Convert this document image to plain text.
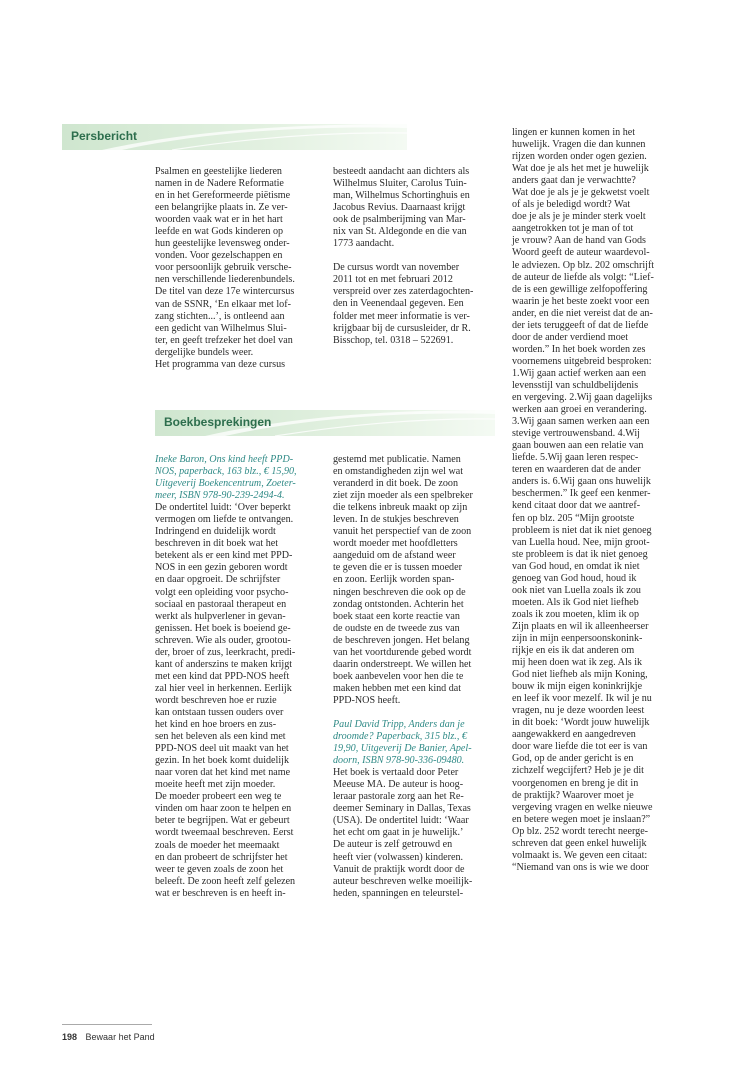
Persbericht
Psalmen en geestelijke liederen
namen in de Nadere Reformatie
en in het Gereformeerde piëtisme
een belangrijke plaats in. Ze ver-
woorden vaak wat er in het hart
leefde en wat Gods kinderen op
hun geestelijke levensweg onder-
vonden. Voor gezelschappen en
voor persoonlijk gebruik versche-
nen verschillende liederenbundels.
De titel van deze 17e wintercursus
van de SSNR, ‘En elkaar met lof-
zang stichten...’, is ontleend aan
een gedicht van Wilhelmus Slui-
ter, en geeft trefzeker het doel van
dergelijke bundels weer.
Het programma van deze cursus
besteedt aandacht aan dichters als
Wilhelmus Sluiter, Carolus Tuin-
man, Wilhelmus Schortinghuis en
Jacobus Revius. Daarnaast krijgt
ook de psalmberijming van Mar-
nix van St. Aldegonde en die van
1773 aandacht.
De cursus wordt van november
2011 tot en met februari 2012
verspreid over zes zaterdagochten-
den in Veenendaal gegeven. Een
folder met meer informatie is ver-
krijgbaar bij de cursusleider, dr R.
Bisschop, tel. 0318 – 522691.
Boekbesprekingen
Ineke Baron, Ons kind heeft PPD-
NOS, paperback, 163 blz., € 15,90,
Uitgeverij Boekencentrum, Zoeter-
meer, ISBN 978-90-239-2494-4.
De ondertitel luidt: ‘Over beperkt
vermogen om liefde te ontvangen.
Indringend en duidelijk wordt
beschreven in dit boek wat het
betekent als er een kind met PPD-
NOS in een gezin geboren wordt
en daar opgroeit. De schrijfster
volgt een opleiding voor psycho-
sociaal en pastoraal therapeut en
werkt als hulpverlener in gevan-
genissen. Het boek is boeiend ge-
schreven. Wie als ouder, grootou-
der, broer of zus, leerkracht, predi-
kant of anderszins te maken krijgt
met een kind dat PPD-NOS heeft
zal hier veel in herkennen. Eerlijk
wordt beschreven hoe er ruzie
kan ontstaan tussen ouders over
het kind en hoe broers en zus-
sen het beleven als een kind met
PPD-NOS deel uit maakt van het
gezin. In het boek komt duidelijk
naar voren dat het kind met name
moeite heeft met zijn moeder.
De moeder probeert een weg te
vinden om haar zoon te helpen en
beter te begrijpen. Wat er gebeurt
wordt tweemaal beschreven. Eerst
zoals de moeder het meemaakt
en dan probeert de schrijfster het
weer te geven zoals de zoon het
beleeft. De zoon heeft zelf gelezen
wat er beschreven is en heeft in-
gestemd met publicatie. Namen
en omstandigheden zijn wel wat
veranderd in dit boek. De zoon
ziet zijn moeder als een spelbreker
die telkens inbreuk maakt op zijn
leven. In de stukjes beschreven
vanuit het perspectief van de zoon
wordt moeder met hoofdletters
aangeduid om de afstand weer
te geven die er is tussen moeder
en zoon. Eerlijk worden span-
ningen beschreven die ook op de
zondag ontstonden. Achterin het
boek staat een korte reactie van
de oudste en de tweede zus van
de beschreven jongen. Het belang
van het voortdurende gebed wordt
daarin onderstreept. We willen het
boek aanbevelen voor hen die te
maken hebben met een kind dat
PPD-NOS heeft.
Paul David Tripp, Anders dan je
droomde? Paperback, 315 blz., €
19,90, Uitgeverij De Banier, Apel-
doorn, ISBN 978-90-336-09480.
Het boek is vertaald door Peter
Meeuse MA. De auteur is hoog-
leraar pastorale zorg aan het Re-
deemer Seminary in Dallas, Texas
(USA). De ondertitel luidt: ‘Waar
het echt om gaat in je huwelijk.’
De auteur is zelf getrouwd en
heeft vier (volwassen) kinderen.
Vanuit de praktijk wordt door de
auteur beschreven welke moeilijk-
heden, spanningen en teleurstel-
lingen er kunnen komen in het
huwelijk. Vragen die dan kunnen
rijzen worden onder ogen gezien.
Wat doe je als het met je huwelijk
anders gaat dan je verwachtte?
Wat doe je als je je gekwetst voelt
of als je beledigd wordt? Wat
doe je als je je minder sterk voelt
aangetrokken tot je man of tot
je vrouw? Aan de hand van Gods
Woord geeft de auteur waardevol-
le adviezen. Op blz. 202 omschrijft
de auteur de liefde als volgt: “Lief-
de is een gewillige zelfopoffering
waarin je het beste zoekt voor een
ander, en die niet vereist dat de an-
der iets teruggeeft of dat de liefde
door de ander verdiend moet
worden.” In het boek worden zes
voornemens uitgebreid besproken:
1.Wij gaan actief werken aan een
levensstijl van schuldbelijdenis
en vergeving. 2.Wij gaan dagelijks
werken aan groei en verandering.
3.Wij gaan samen werken aan een
stevige vertrouwensband. 4.Wij
gaan bouwen aan een relatie van
liefde. 5.Wij gaan leren respec-
teren en waarderen dat de ander
anders is. 6.Wij gaan ons huwelijk
beschermen.” Ik geef een kenmer-
kend citaat door dat we aantref-
fen op blz. 205 “Mijn grootste
probleem is niet dat ik niet genoeg
van Luella houd. Nee, mijn groot-
ste probleem is dat ik niet genoeg
van God houd, en omdat ik niet
genoeg van God houd, houd ik
ook niet van Luella zoals ik zou
moeten. Als ik God niet liefheb
zoals ik zou moeten, klim ik op
Zijn plaats en wil ik alleenheerser
zijn in mijn eenpersoonskonink-
rijkje en eis ik dat anderen om
mij heen doen wat ik zeg. Als ik
God niet liefheb als mijn Koning,
bouw ik mijn eigen koninkrijkje
en leef ik voor mezelf. Ik wil je nu
vragen, nu je deze woorden leest
in dit boek: ‘Wordt jouw huwelijk
aangewakkerd en aangedreven
door ware liefde die tot eer is van
God, op de ander gericht is en
zichzelf wegcijfert? Heb je je dit
voorgenomen en breng je dit in
de praktijk? Waarover moet je
vergeving vragen en welke nieuwe
en betere wegen moet je inslaan?”
Op blz. 252 wordt terecht neerge-
schreven dat geen enkel huwelijk
volmaakt is. We geven een citaat:
“Niemand van ons is wie we door
198 Bewaar het Pand
